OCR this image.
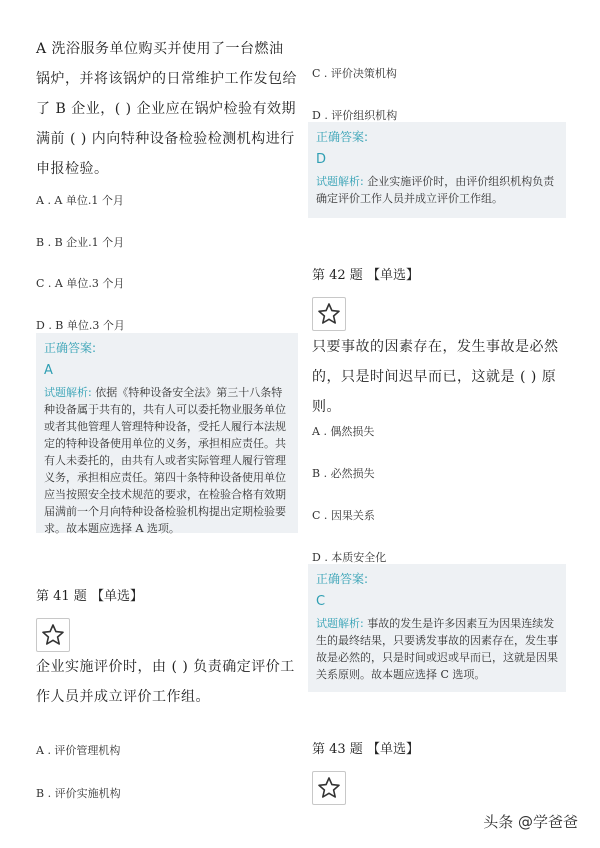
A 洗浴服务单位购买并使用了一台燃油锅炉，并将该锅炉的日常维护工作发包给了 B 企业，( ) 企业应在锅炉检验有效期满前 ( ) 内向特种设备检验检测机构进行申报检验。
A . A 单位.1 个月
B . B 企业.1 个月
C . A 单位.3 个月
D . B 单位.3 个月
正确答案:
A
试题解析: 依据《特种设备安全法》第三十八条特种设备属于共有的，共有人可以委托物业服务单位或者其他管理人管理特种设备，受托人履行本法规定的特种设备使用单位的义务，承担相应责任。共有人未委托的，由共有人或者实际管理人履行管理义务，承担相应责任。第四十条特种设备使用单位应当按照安全技术规范的要求，在检验合格有效期届满前一个月向特种设备检验机构提出定期检验要求。故本题应选择 A 选项。
第 41 题 【单选】
企业实施评价时，由 ( ) 负责确定评价工作人员并成立评价工作组。
A . 评价管理机构
B . 评价实施机构
C . 评价决策机构
D . 评价组织机构
正确答案:
D
试题解析: 企业实施评价时，由评价组织机构负责确定评价工作人员并成立评价工作组。
第 42 题 【单选】
只要事故的因素存在，发生事故是必然的，只是时间迟早而已，这就是 ( ) 原则。
A . 偶然损失
B . 必然损失
C . 因果关系
D . 本质安全化
正确答案:
C
试题解析: 事故的发生是许多因素互为因果连续发生的最终结果，只要诱发事故的因素存在，发生事故是必然的，只是时间或迟或早而已，这就是因果关系原则。故本题应选择 C 选项。
第 43 题 【单选】
头条 @学爸爸
